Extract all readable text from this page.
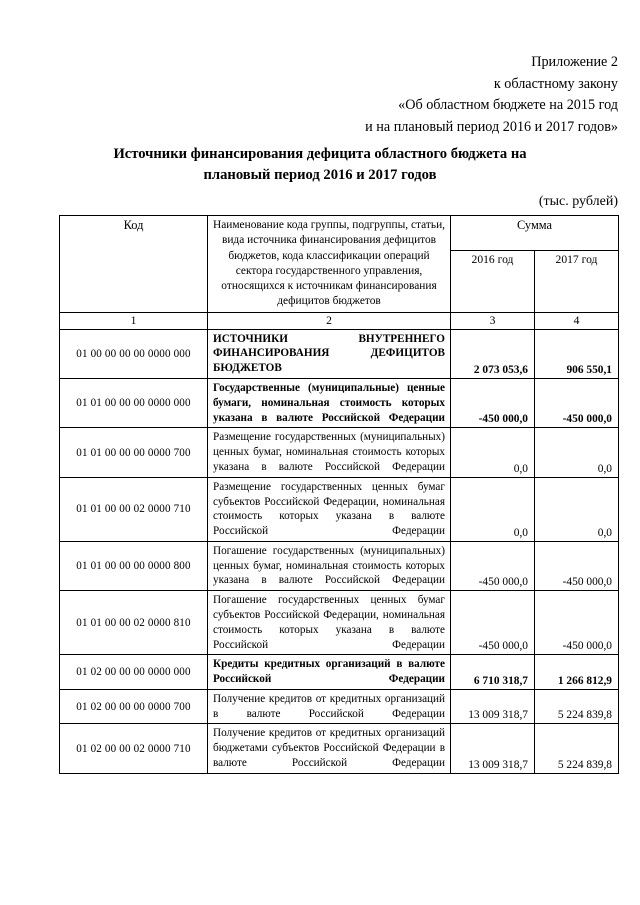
Приложение 2
к областному закону
«Об областном бюджете на 2015 год
и на плановый период 2016 и 2017 годов»
Источники финансирования дефицита областного бюджета на
плановый период 2016 и 2017 годов
(тыс. рублей)
Код	Наименование кода группы, подгруппы, статьи, вида источника финансирования дефицитов бюджетов, кода классификации операций сектора государственного управления, относящихся к источникам финансирования дефицитов бюджетов	Сумма	
		2016 год	2017 год
1	2	3	4
01 00 00 00 00 0000 000	ИСТОЧНИКИ ВНУТРЕННЕГО ФИНАНСИРОВАНИЯ ДЕФИЦИТОВ БЮДЖЕТОВ	2 073 053,6	906 550,1
01 01 00 00 00 0000 000	Государственные (муниципальные) ценные бумаги, номинальная стоимость которых указана в валюте Российской Федерации	-450 000,0	-450 000,0
01 01 00 00 00 0000 700	Размещение государственных (муниципальных) ценных бумаг, номинальная стоимость которых указана в валюте Российской Федерации	0,0	0,0
01 01 00 00 02 0000 710	Размещение государственных ценных бумаг субъектов Российской Федерации, номинальная стоимость которых указана в валюте Российской Федерации	0,0	0,0
01 01 00 00 00 0000 800	Погашение государственных (муниципальных) ценных бумаг, номинальная стоимость которых указана в валюте Российской Федерации	-450 000,0	-450 000,0
01 01 00 00 02 0000 810	Погашение государственных ценных бумаг субъектов Российской Федерации, номинальная стоимость которых указана в валюте Российской Федерации	-450 000,0	-450 000,0
01 02 00 00 00 0000 000	Кредиты кредитных организаций в валюте Российской Федерации	6 710 318,7	1 266 812,9
01 02 00 00 00 0000 700	Получение кредитов от кредитных организаций в валюте Российской Федерации	13 009 318,7	5 224 839,8
01 02 00 00 02 0000 710	Получение кредитов от кредитных организаций бюджетами субъектов Российской Федерации в валюте Российской Федерации	13 009 318,7	5 224 839,8
